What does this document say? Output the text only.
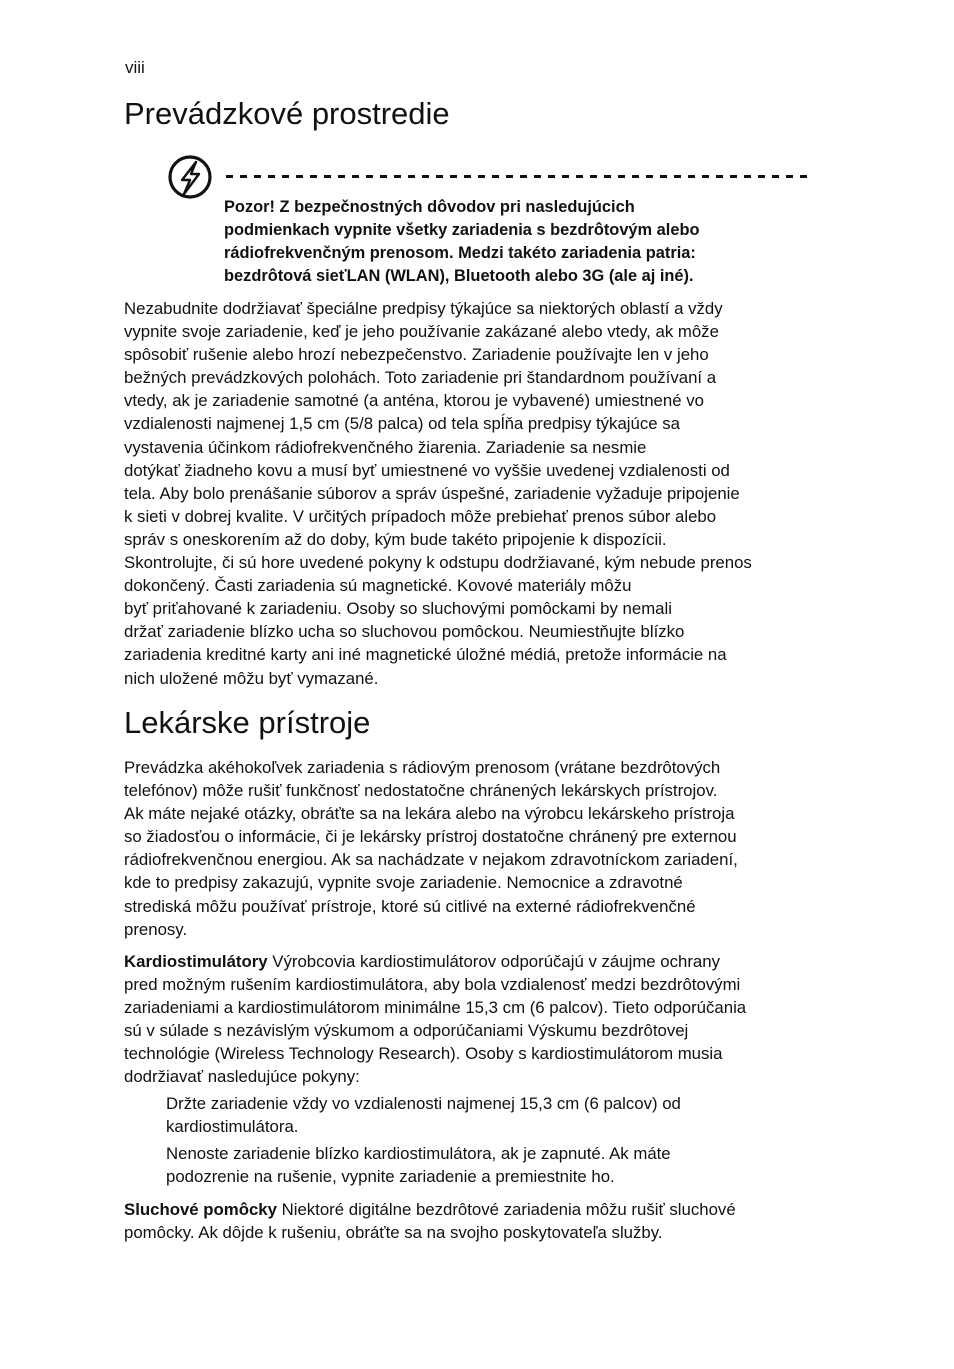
viii
Prevádzkové prostredie
Pozor! Z bezpečnostných dôvodov pri nasledujúcich
podmienkach vypnite všetky zariadenia s bezdrôtovým alebo
rádiofrekvenčným prenosom. Medzi takéto zariadenia patria:
bezdrôtová sieťLAN (WLAN), Bluetooth alebo 3G (ale aj iné).
Nezabudnite dodržiavať špeciálne predpisy týkajúce sa niektorých oblastí a vždy
vypnite svoje zariadenie, keď je jeho používanie zakázané alebo vtedy, ak môže
spôsobiť rušenie alebo hrozí nebezpečenstvo. Zariadenie používajte len v jeho
bežných prevádzkových polohách. Toto zariadenie pri štandardnom používaní a
vtedy, ak je zariadenie samotné (a anténa, ktorou je vybavené) umiestnené vo
vzdialenosti najmenej 1,5 cm (5/8 palca) od tela spĺňa predpisy týkajúce sa
vystavenia účinkom rádiofrekvenčného žiarenia. Zariadenie sa nesmie
dotýkať žiadneho kovu a musí byť umiestnené vo vyššie uvedenej vzdialenosti od
tela. Aby bolo prenášanie súborov a správ úspešné, zariadenie vyžaduje pripojenie
k sieti v dobrej kvalite. V určitých prípadoch môže prebiehať prenos súbor alebo
správ s oneskorením až do doby, kým bude takéto pripojenie k dispozícii.
Skontrolujte, či sú hore uvedené pokyny k odstupu dodržiavané, kým nebude prenos
dokončený. Časti zariadenia sú magnetické. Kovové materiály môžu
byť priťahované k zariadeniu. Osoby so sluchovými pomôckami by nemali
držať zariadenie blízko ucha so sluchovou pomôckou. Neumiestňujte blízko
zariadenia kreditné karty ani iné magnetické úložné médiá, pretože informácie na
nich uložené môžu byť vymazané.
Lekárske prístroje
Prevádzka akéhokoľvek zariadenia s rádiovým prenosom (vrátane bezdrôtových
telefónov) môže rušiť funkčnosť nedostatočne chránených lekárskych prístrojov.
Ak máte nejaké otázky, obráťte sa na lekára alebo na výrobcu lekárskeho prístroja
so žiadosťou o informácie, či je lekársky prístroj dostatočne chránený pre externou
rádiofrekvenčnou energiou. Ak sa nachádzate v nejakom zdravotníckom zariadení,
kde to predpisy zakazujú, vypnite svoje zariadenie. Nemocnice a zdravotné
strediská môžu používať prístroje, ktoré sú citlivé na externé rádiofrekvenčné
prenosy.
Kardiostimulátory Výrobcovia kardiostimulátorov odporúčajú v záujme ochrany
pred možným rušením kardiostimulátora, aby bola vzdialenosť medzi bezdrôtovými
zariadeniami a kardiostimulátorom minimálne 15,3 cm (6 palcov). Tieto odporúčania
sú v súlade s nezávislým výskumom a odporúčaniami Výskumu bezdrôtovej
technológie (Wireless Technology Research). Osoby s kardiostimulátorom musia
dodržiavať nasledujúce pokyny:
Držte zariadenie vždy vo vzdialenosti najmenej 15,3 cm (6 palcov) od
kardiostimulátora.
Nenoste zariadenie blízko kardiostimulátora, ak je zapnuté. Ak máte
podozrenie na rušenie, vypnite zariadenie a premiestnite ho.
Sluchové pomôcky Niektoré digitálne bezdrôtové zariadenia môžu rušiť sluchové
pomôcky. Ak dôjde k rušeniu, obráťte sa na svojho poskytovateľa služby.
